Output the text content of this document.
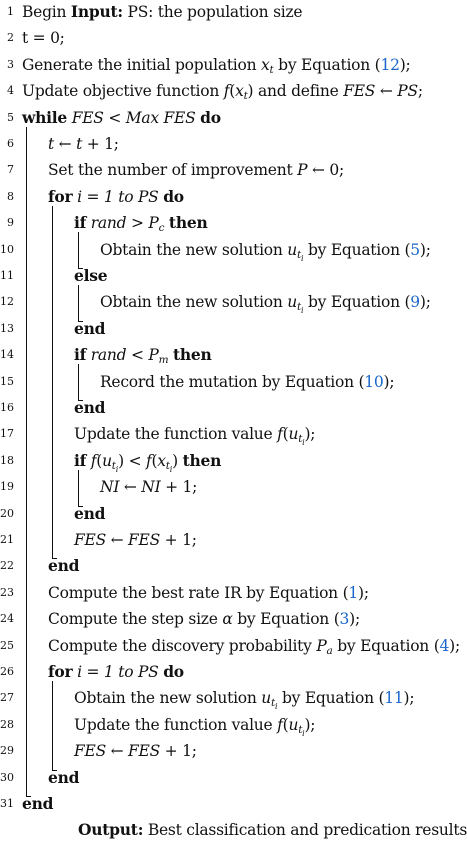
1 Begin Input: PS: the population size
2 t = 0;
3 Generate the initial population xt by Equation (12);
4 Update objective function f(xt) and define FES ← PS;
5 while FES < Max FES do
6 t ← t + 1;
7 Set the number of improvement P ← 0;
8 for i = 1 to PS do
9	if rand > Pc then
10	Obtain the new solution $ut_i$ by Equation (5);
11	else
12	Obtain the new solution $ut_i$ by Equation (9);
13	end
14	if rand < Pm then
15	Record the mutation by Equation (10);
16	end
17	Update the function value $f(ut_i)$;
18	if $f(ut_i) < f(xt_i)$ then
19	NI ← NI + 1;
20	end
21	FES ← FES + 1;
22 end
23 Compute the best rate IR by Equation (1);
24 Compute the step size α by Equation (3);
25 Compute the discovery probability Pa by Equation (4);
26 for i = 1 to PS do
27	Obtain the new solution $ut_i$ by Equation (11);
28	Update the function value $f(ut_i)$;
29	FES ← FES + 1;
30 end
31 end
Output: Best classification and predication results
